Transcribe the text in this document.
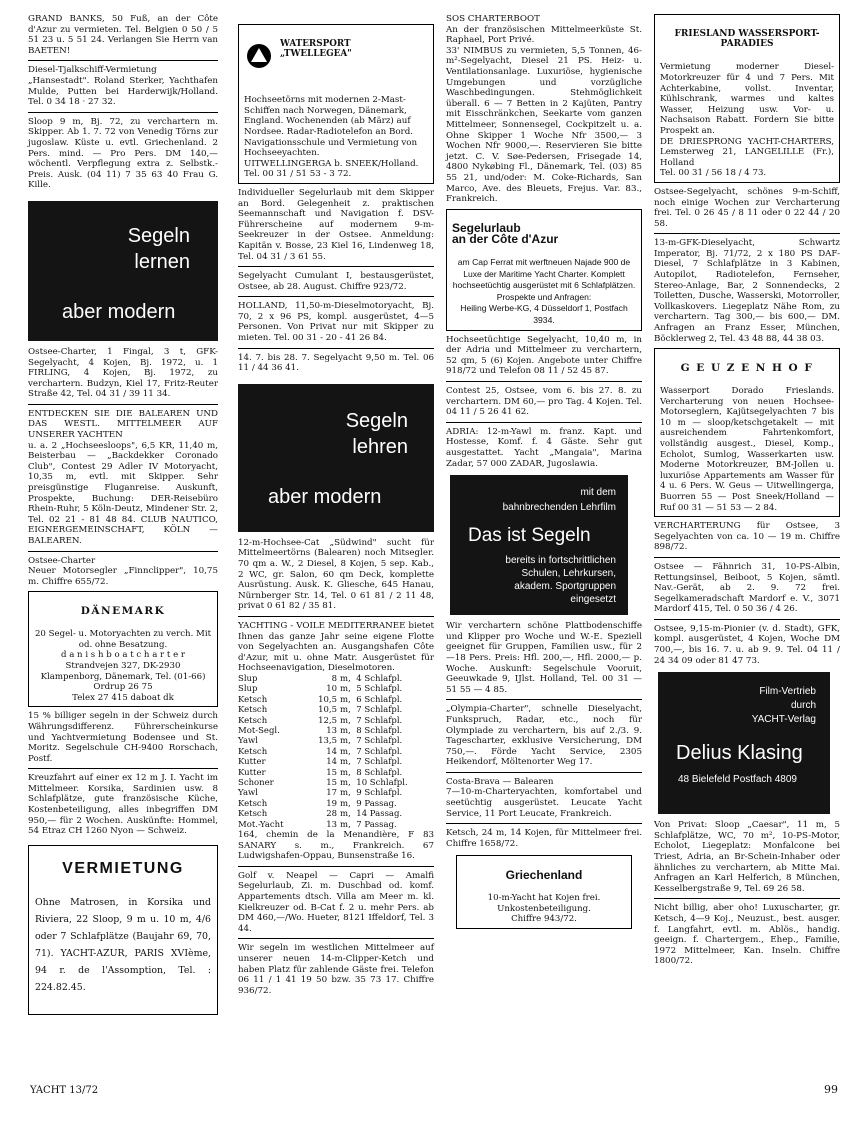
GRAND BANKS, 50 Fuß, an der Côte d'Azur zu vermieten. Tel. Belgien 0 50 / 5 51 23 u. 5 51 24. Verlangen Sie Herrn van BAETEN!

Diesel-Tjalkschiff-Vermietung
„Hansestadt". Roland Sterker, Yachthafen Mulde, Putten bei Harderwijk/Holland. Tel. 0 34 18 · 27 32.

Sloop 9 m, Bj. 72, zu verchartern m. Skipper. Ab 1. 7. 72 von Venedig Törns zur jugoslaw. Küste u. evtl. Griechenland. 2 Pers. mind. — Pro Pers. DM 140,— wöchentl. Verpflegung extra z. Selbstk.-Preis. Ausk. (04 11) 7 35 63 40 Frau G. Kille.

Segeln
lernen
aber modern

Ostsee-Charter, 1 Fingal, 3 t, GFK-Segelyacht, 4 Kojen, Bj. 1972, u. 1 FIRLING, 4 Kojen, Bj. 1972, zu verchartern. Budzyn, Kiel 17, Fritz-Reuter Straße 42, Tel. 04 31 / 39 11 34.

ENTDECKEN SIE DIE BALEAREN UND DAS WESTL. MITTELMEER AUF UNSERER YACHTEN
u. a. 2 „Hochseesloops", 6,5 KR, 11,40 m, Beisterbau — „Backdekker Coronado Club", Contest 29 Adler IV Motoryacht, 10,35 m, evtl. mit Skipper. Sehr preisgünstige Fluganreise. Auskunft, Prospekte, Buchung: DER-Reisebüro Rhein-Ruhr, 5 Köln-Deutz, Mindener Str. 2, Tel. 02 21 - 81 48 84. CLUB NAUTICO, EIGNERGEMEINSCHAFT, KÖLN — BALEAREN.

Ostsee-Charter
Neuer Motorsegler „Finnclipper", 10,75 m. Chiffre 655/72.

DÄNEMARK

20 Segel- u. Motoryachten zu verch. Mit od. ohne Besatzung.
d a n i s h b o a t c h a r t e r
Strandvejen 327, DK-2930 Klampenborg, Dänemark, Tel. (01-66) Ordrup 26 75
Telex 27 415 daboat dk

15 % billiger segeln in der Schweiz durch Währungsdifferenz. Führerscheinkurse und Yachtvermietung Bodensee und St. Moritz. Segelschule CH-9400 Rorschach, Postf.

Kreuzfahrt auf einer ex 12 m J. I. Yacht im Mittelmeer. Korsika, Sardinien usw. 8 Schlafplätze, gute französische Küche, Kostenbeteiligung, alles inbegriffen DM 950,— für 2 Wochen. Auskünfte: Hommel, 54 Etraz CH 1260 Nyon — Schweiz.

VERMIETUNG

Ohne Matrosen, in Korsika und Riviera, 22 Sloop, 9 m u. 10 m, 4/6 oder 7 Schlafplätze (Baujahr 69, 70, 71). YACHT-AZUR, PARIS XVIème, 94 r. de l'Assomption, Tel. : 224.82.45.

WATERSPORT
„TWELLEGEA"

Hochseetörns mit modernen 2-Mast-Schiffen nach Norwegen, Dänemark, England. Wochenenden (ab März) auf Nordsee. Radar-Radiotelefon an Bord. Navigationsschule und Vermietung von Hochseeyachten.
UITWELLINGERGA b. SNEEK/Holland. Tel. 00 31 / 51 53 - 3 72.

Individueller Segelurlaub mit dem Skipper an Bord. Gelegenheit z. praktischen Seemannschaft und Navigation f. DSV-Führerscheine auf modernem 9-m-Seekreuzer in der Ostsee. Anmeldung: Kapitän v. Bosse, 23 Kiel 16, Lindenweg 18, Tel. 04 31 / 3 61 55.

Segelyacht Cumulant I, bestausgerüstet, Ostsee, ab 28. August. Chiffre 923/72.

HOLLAND, 11,50-m-Dieselmotoryacht, Bj. 70, 2 x 96 PS, kompl. ausgerüstet, 4—5 Personen. Von Privat nur mit Skipper zu mieten. Tel. 00 31 - 20 - 41 26 84.

14. 7. bis 28. 7. Segelyacht 9,50 m. Tel. 06 11 / 44 36 41.

Segeln
lehren
aber modern

12-m-Hochsee-Cat „Südwind" sucht für Mittelmeertörns (Balearen) noch Mitsegler. 70 qm a. W., 2 Diesel, 8 Kojen, 5 sep. Kab., 2 WC, gr. Salon, 60 qm Deck, komplette Ausrüstung. Ausk. K. Gliesche, 645 Hanau, Nürnberger Str. 14, Tel. 0 61 81 / 2 11 48, privat 0 61 82 / 35 81.

YACHTING - VOILE MEDITERRANEE bietet Ihnen das ganze Jahr seine eigene Flotte von Segelyachten an. Ausgangshafen Côte d'Azur, mit u. ohne Matr. Ausgerüstet für Hochseenavigation, Dieselmotoren.

Slup	8	m,	4 Schlafpl.
Slup	10	m,	5 Schlafpl.
Ketsch	10,5	m,	6 Schlafpl.
Ketsch	10,5	m,	7 Schlafpl.
Ketsch	12,5	m,	7 Schlafpl.
Mot-Segl.	13	m,	8 Schlafpl.
Yawl	13,5	m,	7 Schlafpl.
Ketsch	14	m,	7 Schlafpl.
Kutter	14	m,	7 Schlafpl.
Kutter	15	m,	8 Schlafpl.
Schoner	15	m,	10 Schlafpl.
Yawl	17	m,	9 Schlafpl.
Ketsch	19	m,	9 Passag.
Ketsch	28	m,	14 Passag.
Mot.-Yacht	13	m,	7 Passag.

164, chemin de la Menandière, F 83 SANARY s. m., Frankreich. 67 Ludwigshafen-Oppau, Bunsenstraße 16.

Golf v. Neapel — Capri — Amalfi Segelurlaub, Zi. m. Duschbad od. komf. Appartements dtsch. Villa am Meer m. kl. Kielkreuzer od. B-Cat f. 2 u. mehr Pers. ab DM 460,—/Wo. Hueter, 8121 Iffeldorf, Tel. 3 44.

Wir segeln im westlichen Mittelmeer auf unserer neuen 14-m-Clipper-Ketch und haben Platz für zahlende Gäste frei. Telefon 06 11 / 1 41 19 50 bzw. 35 73 17. Chiffre 936/72.

SOS CHARTERBOOT
An der französischen Mittelmeerküste St. Raphael, Port Privé.
33' NIMBUS zu vermieten, 5,5 Tonnen, 46-m²-Segelyacht, Diesel 21 PS. Heiz- u. Ventilationsanlage. Luxuriöse, hygienische Umgebungen und vorzügliche Waschbedingungen. Stehmöglichkeit überall. 6 — 7 Betten in 2 Kajüten, Pantry mit Eisschränkchen, Seekarte vom ganzen Mittelmeer, Sonnensegel, Cockpitzelt u. a. Ohne Skipper 1 Woche Nfr 3500,— 3 Wochen Nfr 9000,—. Reservieren Sie bitte jetzt. C. V. Søe-Pedersen, Frisegade 14, 4800 Nykøbing Fl., Dänemark, Tel. (03) 85 55 21, und/oder: M. Coke-Richards, San Marco, Ave. des Bleuets, Frejus. Var. 83., Frankreich.

Segelurlaub
an der Côte d'Azur

am Cap Ferrat mit werftneuen Najade 900 de Luxe der Maritime Yacht Charter. Komplett hochseetüchtig ausgerüstet mit 6 Schlafplätzen.
Prospekte und Anfragen:
Heiling Werbe-KG, 4 Düsseldorf 1, Postfach 3934.

Hochseetüchtige Segelyacht, 10,40 m, in der Adria und Mittelmeer zu verchartern, 52 qm, 5 (6) Kojen. Angebote unter Chiffre 918/72 und Telefon 08 11 / 52 45 87.

Contest 25, Ostsee, vom 6. bis 27. 8. zu verchartern. DM 60,— pro Tag. 4 Kojen. Tel. 04 11 / 5 26 41 62.

ADRIA: 12-m-Yawl m. franz. Kapt. und Hostesse, Komf. f. 4 Gäste. Sehr gut ausgestattet. Yacht „Mangaia", Marina Zadar, 57 000 ZADAR, Jugoslawia.

mit dem
bahnbrechenden Lehrfilm
Das ist Segeln
bereits in fortschrittlichen
Schulen, Lehrkursen,
akadem. Sportgruppen
eingesetzt

Wir verchartern schöne Plattbodenschiffe und Klipper pro Woche und W.-E. Speziell geeignet für Gruppen, Familien usw., für 2—18 Pers. Preis: Hfl. 200,—, Hfl. 2000,— p. Woche. Auskunft: Segelschule Vooruit, Geeuwkade 9, IJlst. Holland, Tel. 00 31 — 51 55 — 4 85.

„Olympia-Charter", schnelle Dieselyacht, Funkspruch, Radar, etc., noch für Olympiade zu verchartern, bis auf 2./3. 9. Tagescharter, exklusive Versicherung, DM 750,—. Förde Yacht Service, 2305 Heikendorf, Möltenorter Weg 17.

Costa-Brava — Balearen
7—10-m-Charteryachten, komfortabel und seetüchtig ausgerüstet. Leucate Yacht Service, 11 Port Leucate, Frankreich.

Ketsch, 24 m, 14 Kojen, für Mittelmeer frei. Chiffre 1658/72.

Griechenland

10-m-Yacht hat Kojen frei.
Unkostenbeteiligung.
Chiffre 943/72.

FRIESLAND WASSERSPORT-PARADIES

Vermietung moderner Diesel-Motorkreuzer für 4 und 7 Pers. Mit Achterkabine, vollst. Inventar, Kühlschrank, warmes und kaltes Wasser, Heizung usw. Vor- u. Nachsaison Rabatt. Fordern Sie bitte Prospekt an.
DE DRIESPRONG YACHT-CHARTERS, Lemsterweg 21, LANGELILLE (Fr.), Holland
Tel. 00 31 / 56 18 / 4 73.

Ostsee-Segelyacht, schönes 9-m-Schiff, noch einige Wochen zur Vercharterung frei. Tel. 0 26 45 / 8 11 oder 0 22 44 / 20 58.

13-m-GFK-Dieselyacht, Schwartz Imperator, Bj. 71/72, 2 x 180 PS DAF-Diesel, 7 Schlafplätze in 3 Kabinen, Autopilot, Radiotelefon, Fernseher, Stereo-Anlage, Bar, 2 Sonnendecks, 2 Toiletten, Dusche, Wasserski, Motorroller, Vollkaskovers. Liegeplatz Nähe Rom, zu verchartern. Tag 300,— bis 600,— DM. Anfragen an Franz Esser, München, Böcklerweg 2, Tel. 43 48 88, 44 38 03.

G E U Z E N H O F

Wasserport Dorado Frieslands. Vercharterung von neuen Hochsee-Motorseglern, Kajütsegelyachten 7 bis 10 m — sloop/ketschgetakelt — mit ausreichendem Fahrtenkomfort, vollständig ausgest., Diesel, Komp., Echolot, Sumlog, Wasserkarten usw. Moderne Motorkreuzer, BM-Jollen u. luxuriöse Appartements am Wasser für 4 u. 6 Pers. W. Geus — Uitwellingerga, Buorren 55 — Post Sneek/Holland — Ruf 00 31 — 51 53 — 2 84.

VERCHARTERUNG für Ostsee, 3 Segelyachten von ca. 10 — 19 m. Chiffre 898/72.

Ostsee — Fähnrich 31, 10-PS-Albin, Rettungsinsel, Beiboot, 5 Kojen, sämtl. Nav.-Gerät, ab 2. 9. 72 frei. Segelkameradschaft Mardorf e. V., 3071 Mardorf 415, Tel. 0 50 36 / 4 26.

Ostsee, 9,15-m-Pionier (v. d. Stadt), GFK, kompl. ausgerüstet, 4 Kojen, Woche DM 700,—, bis 16. 7. u. ab 9. 9. Tel. 04 11 / 24 34 09 oder 81 47 73.

Film-Vertrieb
durch
YACHT-Verlag
Delius Klasing
48 Bielefeld Postfach 4809

Von Privat: Sloop „Caesar", 11 m, 5 Schlafplätze, WC, 70 m², 10-PS-Motor, Echolot, Liegeplatz: Monfalcone bei Triest, Adria, an Br-Schein-Inhaber oder ähnliches zu verchartern, ab Mitte Mai. Anfragen an Karl Helferich, 8 München, Kesselbergstraße 9, Tel. 69 26 58.

Nicht billig, aber oho! Luxuscharter, gr. Ketsch, 4—9 Koj., Neuzust., best. ausger. f. Langfahrt, evtl. m. Ablös., handig. geeign. f. Chartergem., Ehep., Familie, 1972 Mittelmeer, Kan. Inseln. Chiffre 1800/72.

YACHT 13/72	99
